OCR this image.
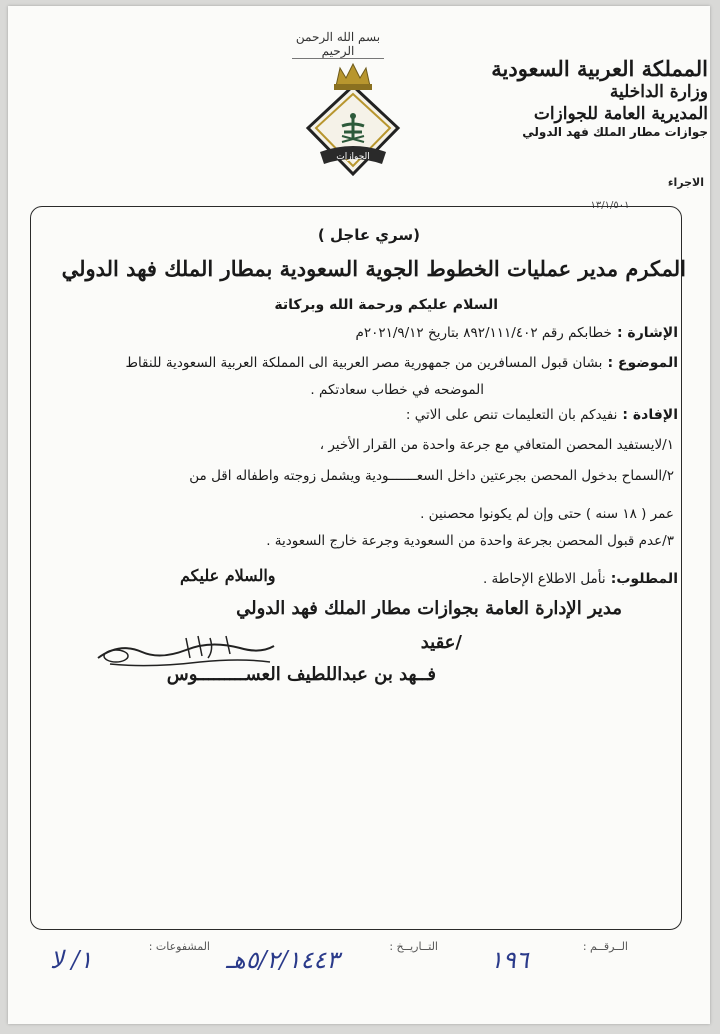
بسم الله الرحمن الرحيم
الجوازات
المملكة العربية السعودية
وزارة الداخلية
المديرية العامة للجوازات
جوازات مطار الملك فهد الدولي
الاجراء
١٣/١/٥٠١
(سري عاجل )
المكرم مدير عمليات الخطوط الجوية السعودية بمطار الملك فهد الدولي
السلام عليكم ورحمة الله وبركاتة
الإشارة : خطابكم رقم ٨٩٢/١١١/٤٠٢ بتاريخ ٢٠٢١/٩/١٢م
الموضوع : بشان قبول المسافرين من جمهورية مصر العربية الى المملكة العربية السعودية للنقاط
الموضحه في خطاب سعادتكم .
الإفادة : نفيدكم بان التعليمات تنص على الاتي :
١/لايستفيد المحصن المتعافي مع جرعة واحدة من القرار الأخير ،
٢/السماح بدخول المحصن بجرعتين داخل السعـــــــودية ويشمل زوجته واطفاله اقل من
عمر ( ١٨ سنه ) حتى وإن لم يكونوا محصنين .
٣/عدم قبول المحصن بجرعة واحدة من السعودية وجرعة خارج السعودية .
المطلوب: نأمل الاطلاع الإحاطة .
والسلام عليكم
مدير الإدارة العامة بجوازات مطار الملك فهد الدولي
عقيد/
فــهد بن عبداللطيف العســـــــــوس
الــرقــم :
التــاريــخ :
المشفوعات :	١٩٦
٥/٢/١٤٤٣هـ
١/ لا
